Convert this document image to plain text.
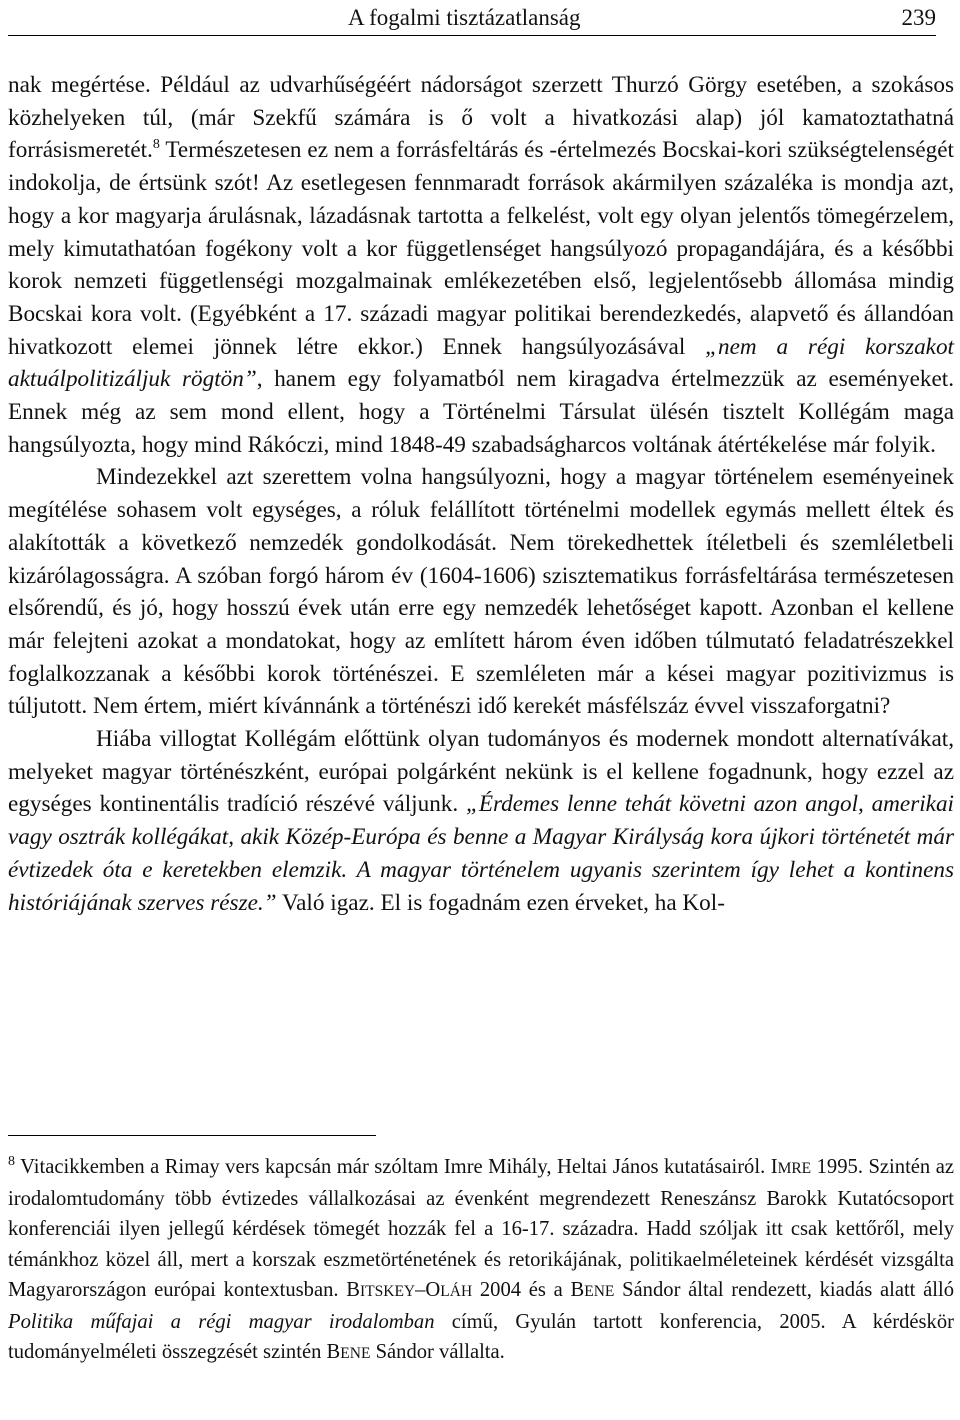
A fogalmi tisztázatlanság	239

nak megértése. Például az udvarhűségéért nádorságot szerzett Thurzó Görgy esetében, a szokásos közhelyeken túl, (már Szekfű számára is ő volt a hivatkozási alap) jól kamatoztathatná forrásismeretét.$^8$ Természetesen ez nem a forrásfeltárás és -értelmezés Bocskai-kori szükségtelenségét indokolja, de értsünk szót! Az esetlegesen fennmaradt források akármilyen százaléka is mondja azt, hogy a kor magyarja árulásnak, lázadásnak tartotta a felkelést, volt egy olyan jelentős tömegérzelem, mely kimutathatóan fogékony volt a kor függetlenséget hangsúlyozó propagandájára, és a későbbi korok nemzeti függetlenségi mozgalmainak emlékezetében első, legjelentősebb állomása mindig Bocskai kora volt. (Egyébként a 17. századi magyar politikai berendezkedés, alapvető és állandóan hivatkozott elemei jönnek létre ekkor.) Ennek hangsúlyozásával „nem a régi korszakot aktuálpolitizáljuk rögtön”, hanem egy folyamatból nem kiragadva értelmezzük az eseményeket. Ennek még az sem mond ellent, hogy a Történelmi Társulat ülésén tisztelt Kollégám maga hangsúlyozta, hogy mind Rákóczi, mind 1848-49 szabadságharcos voltának átértékelése már folyik.

Mindezekkel azt szerettem volna hangsúlyozni, hogy a magyar történelem eseményeinek megítélése sohasem volt egységes, a róluk felállított történelmi modellek egymás mellett éltek és alakították a következő nemzedék gondolkodását. Nem törekedhettek ítéletbeli és szemléletbeli kizárólagosságra. A szóban forgó három év (1604-1606) szisztematikus forrásfeltárása természetesen elsőrendű, és jó, hogy hosszú évek után erre egy nemzedék lehetőséget kapott. Azonban el kellene már felejteni azokat a mondatokat, hogy az említett három éven időben túlmutató feladatrészekkel foglalkozzanak a későbbi korok történészei. E szemléleten már a kései magyar pozitivizmus is túljutott. Nem értem, miért kívánnánk a történészi idő kerekét másfélszáz évvel visszaforgatni?

Hiába villogtat Kollégám előttünk olyan tudományos és modernek mondott alternatívákat, melyeket magyar történészként, európai polgárként nekünk is el kellene fogadnunk, hogy ezzel az egységes kontinentális tradíció részévé váljunk. „Érdemes lenne tehát követni azon angol, amerikai vagy osztrák kollégákat, akik Közép-Európa és benne a Magyar Királyság kora újkori történetét már évtizedek óta e keretekben elemzik. A magyar történelem ugyanis szerintem így lehet a kontinens históriájának szerves része.” Való igaz. El is fogadnám ezen érveket, ha Kol-

$^8$ Vitacikkemben a Rimay vers kapcsán már szóltam Imre Mihály, Heltai János kutatásairól. IMRE 1995. Szintén az irodalomtudomány több évtizedes vállalkozásai az évenként megrendezett Reneszánsz Barokk Kutatócsoport konferenciái ilyen jellegű kérdések tömegét hozzák fel a 16-17. századra. Hadd szóljak itt csak kettőről, mely témánkhoz közel áll, mert a korszak eszmetörténetének és retorikájának, politikaelméleteinek kérdését vizsgálta Magyarországon európai kontextusban. BITSKEY–OLÁH 2004 és a BENE Sándor által rendezett, kiadás alatt álló Politika műfajai a régi magyar irodalomban című, Gyulán tartott konferencia, 2005. A kérdéskör tudományelméleti összegzését szintén BENE Sándor vállalta.
